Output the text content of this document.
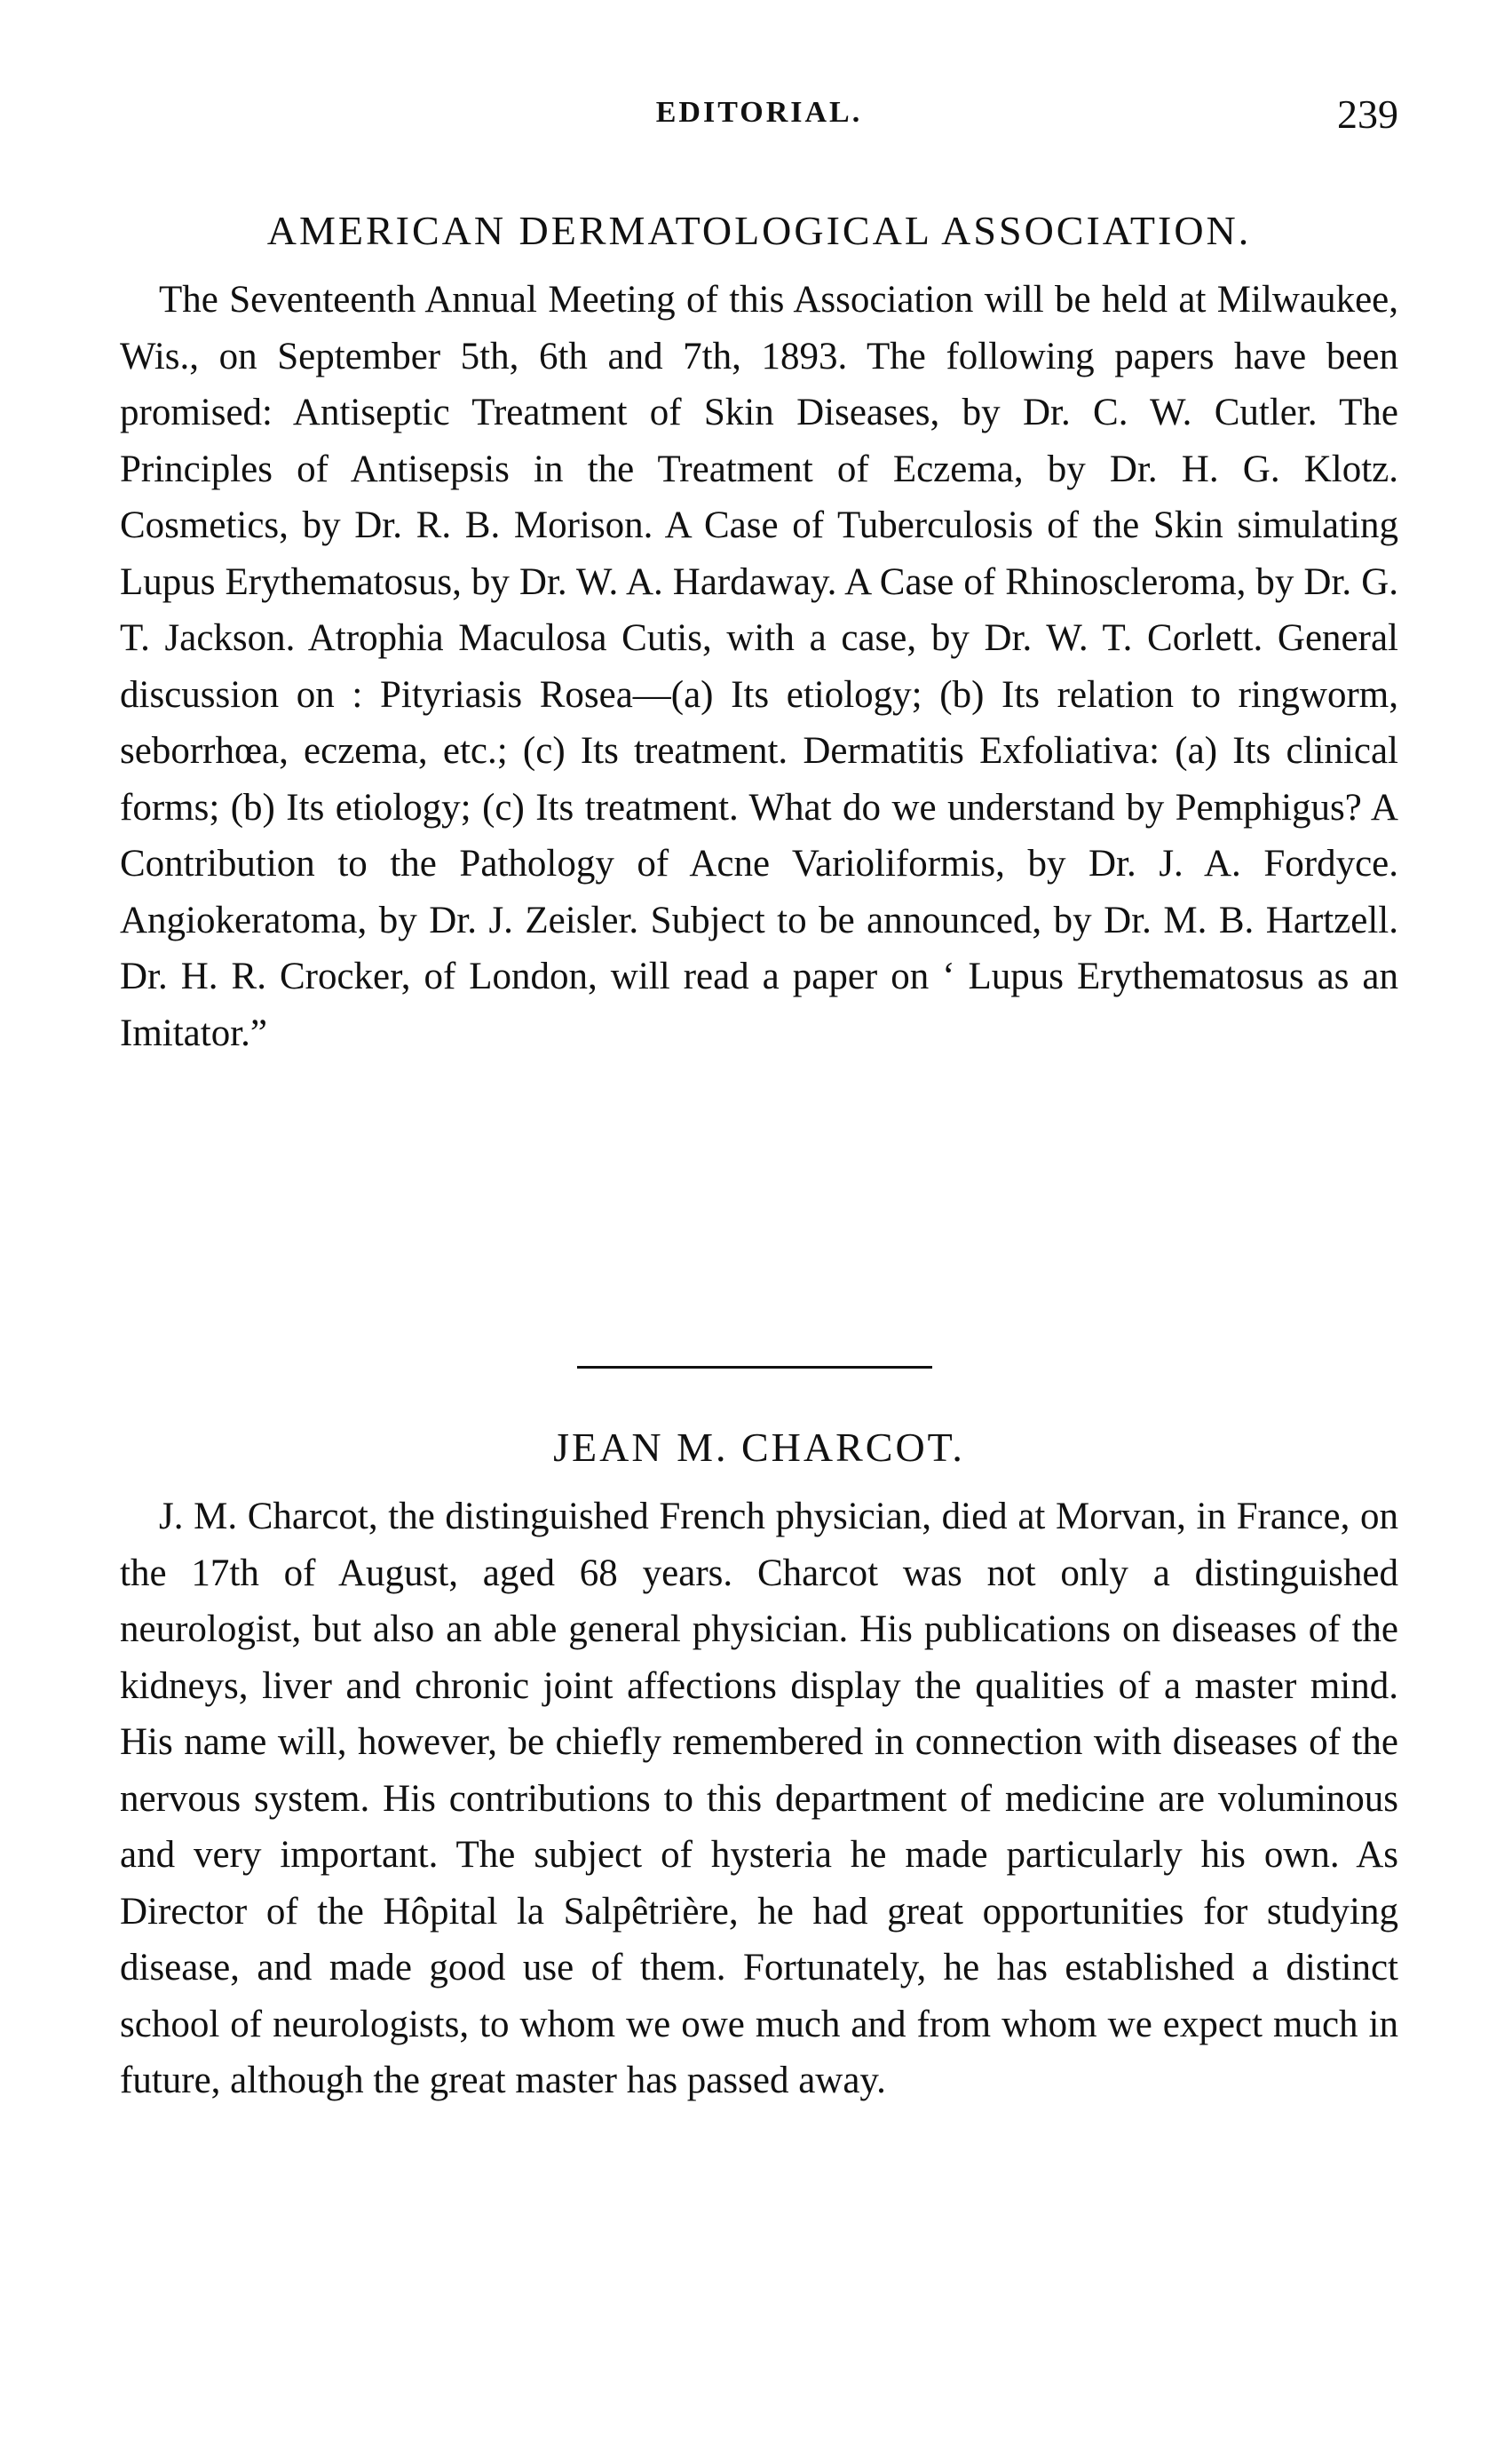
EDITORIAL.	239
AMERICAN DERMATOLOGICAL ASSOCIATION.

The Seventeenth Annual Meeting of this Association will be held at Milwaukee, Wis., on September 5th, 6th and 7th, 1893. The following papers have been promised: Antiseptic Treatment of Skin Diseases, by Dr. C. W. Cutler. The Principles of Antisepsis in the Treatment of Eczema, by Dr. H. G. Klotz. Cosmetics, by Dr. R. B. Morison. A Case of Tuberculosis of the Skin simulating Lupus Erythematosus, by Dr. W. A. Hardaway. A Case of Rhinoscleroma, by Dr. G. T. Jackson. Atrophia Maculosa Cutis, with a case, by Dr. W. T. Corlett. General discussion on : Pityriasis Rosea—(a) Its etiology; (b) Its relation to ringworm, seborrhœa, eczema, etc.; (c) Its treatment. Dermatitis Exfoliativa: (a) Its clinical forms; (b) Its etiology; (c) Its treatment. What do we understand by Pemphigus? A Contribution to the Pathology of Acne Varioliformis, by Dr. J. A. Fordyce. Angiokeratoma, by Dr. J. Zeisler. Subject to be announced, by Dr. M. B. Hartzell. Dr. H. R. Crocker, of London, will read a paper on ‘ Lupus Erythematosus as an Imitator.”

JEAN M. CHARCOT.

J. M. Charcot, the distinguished French physician, died at Morvan, in France, on the 17th of August, aged 68 years. Charcot was not only a distinguished neurologist, but also an able general physician. His publications on diseases of the kidneys, liver and chronic joint affections display the qualities of a master mind. His name will, however, be chiefly remembered in connection with diseases of the nervous system. His contributions to this department of medicine are voluminous and very important. The subject of hysteria he made particularly his own. As Director of the Hôpital la Salpêtrière, he had great opportunities for studying disease, and made good use of them. Fortunately, he has established a distinct school of neurologists, to whom we owe much and from whom we expect much in future, although the great master has passed away.
